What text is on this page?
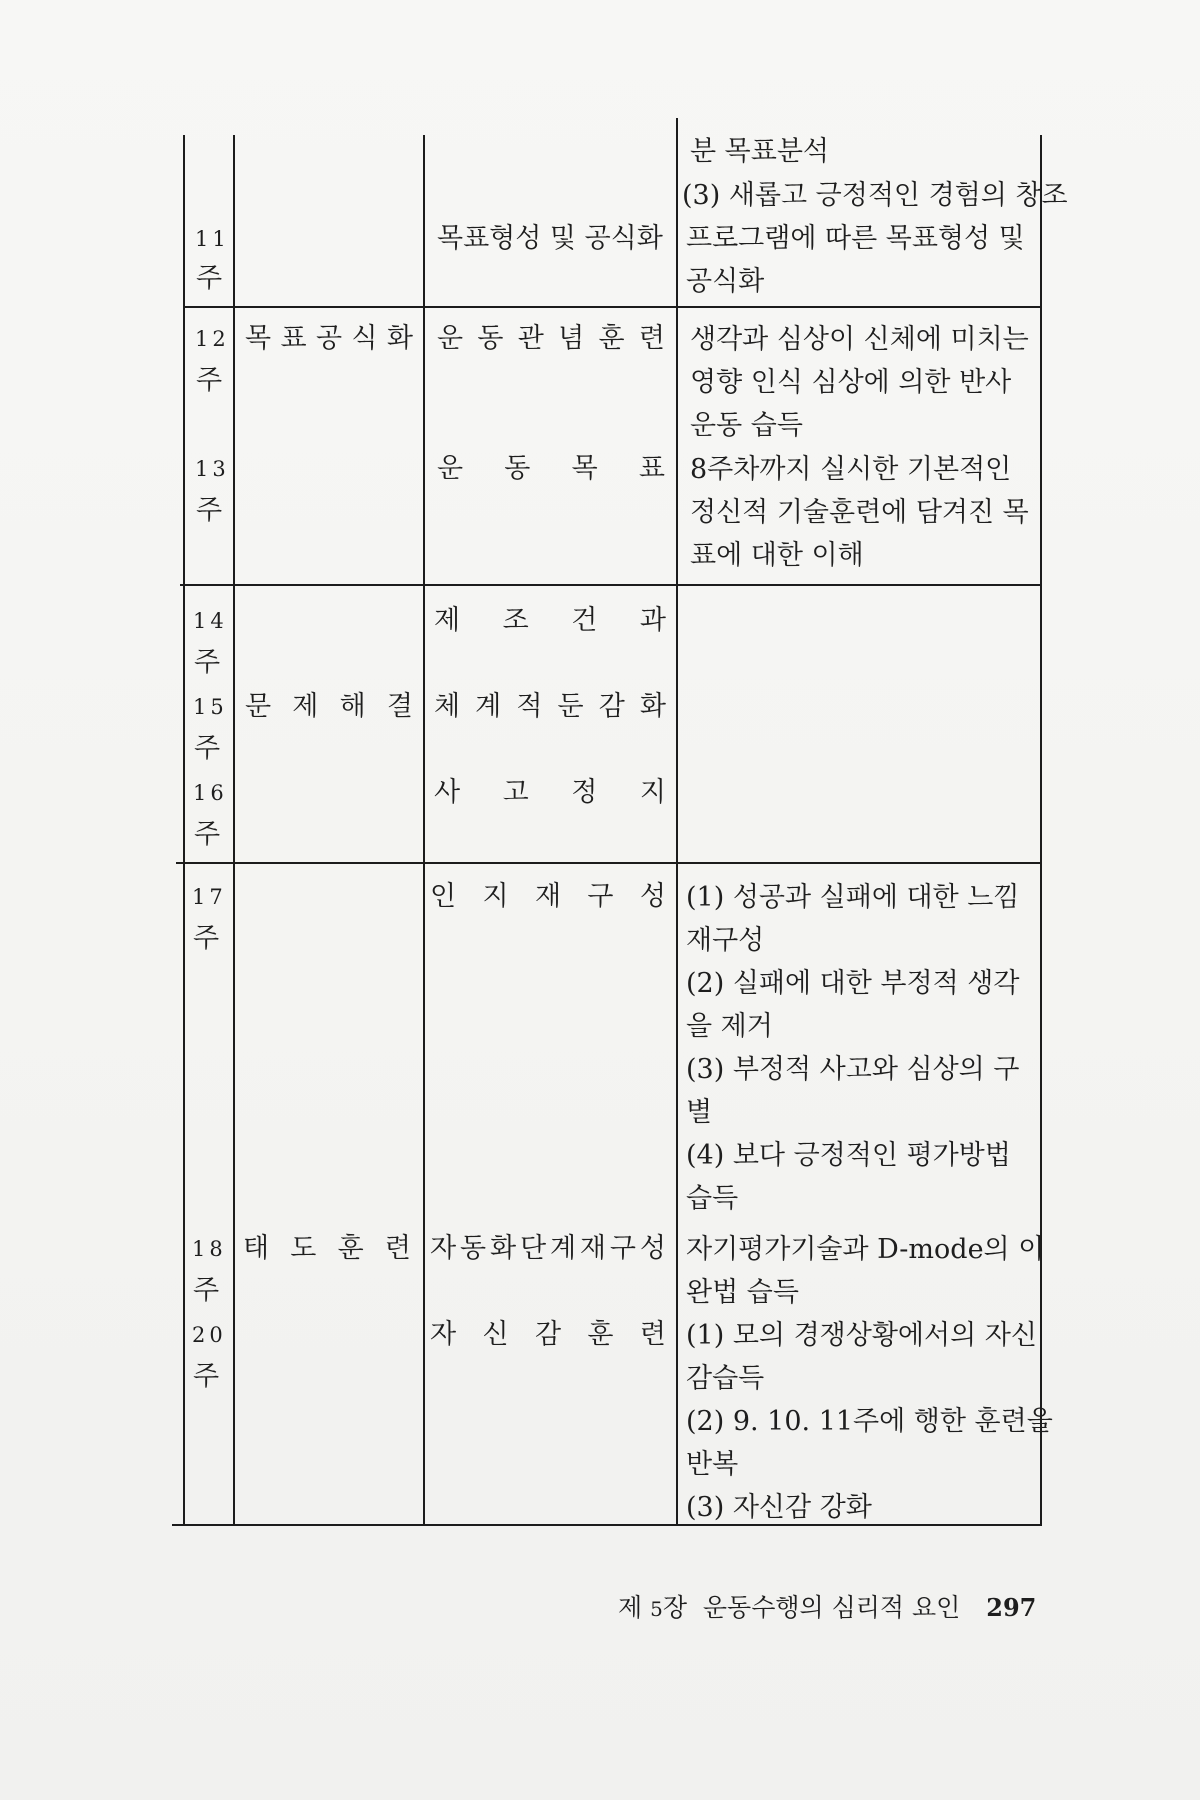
11
주
목표형성 및 공식화
분 목표분석
(3) 새롭고 긍정적인 경험의 창조
프로그램에 따른 목표형성 및
공식화
12
주
13
주
목 표 공 식 화 운 동 관 념 훈 련
운 동 목 표
생각과 심상이 신체에 미치는
영향 인식 심상에 의한 반사
운동 습득
8주차까지 실시한 기본적인
정신적 기술훈련에 담겨진 목
표에 대한 이해
14
주
15
주
16
주
문 제 해 결
제 조 건 과
체 계 적 둔 감 화
사 고 정 지
17
주
18
주
20
주
태 도 훈 련
인 지 재 구 성
자 동 화 단 계 재 구 성
자 신 감 훈 련
(1) 성공과 실패에 대한 느낌
재구성
(2) 실패에 대한 부정적 생각
을 제거
(3) 부정적 사고와 심상의 구
별
(4) 보다 긍정적인 평가방법
습득
자기평가기술과 D-mode의 이
완법 습득
(1) 모의 경쟁상황에서의 자신
감습득
(2) 9. 10. 11주에 행한 훈련을
반복
(3) 자신감 강화
제 5장 운동수행의 심리적 요인 297
